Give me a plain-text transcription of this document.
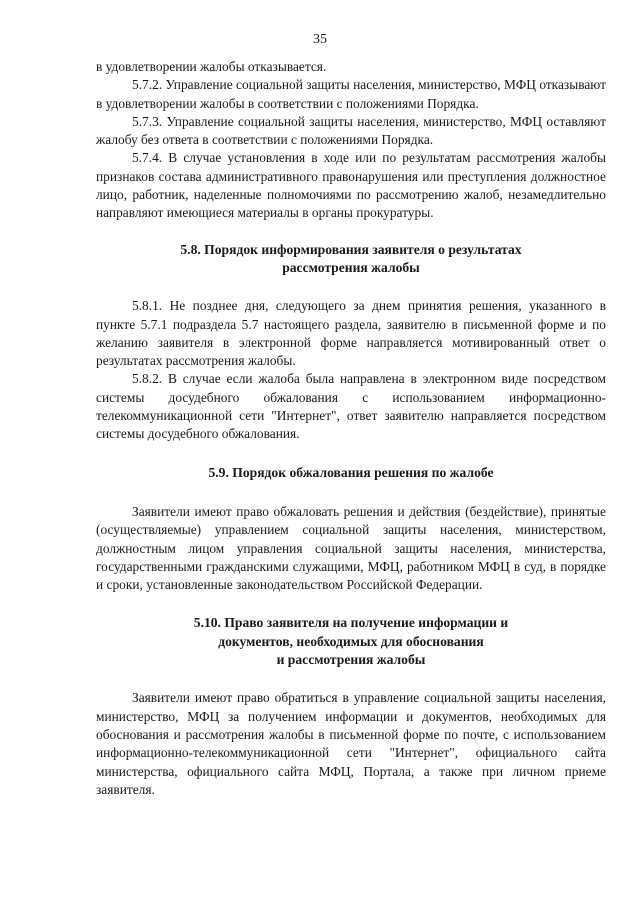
35

в удовлетворении жалобы отказывается.

5.7.2. Управление социальной защиты населения, министерство, МФЦ отказывают в удовлетворении жалобы в соответствии с положениями Порядка.

5.7.3. Управление социальной защиты населения, министерство, МФЦ оставляют жалобу без ответа в соответствии с положениями Порядка.

5.7.4. В случае установления в ходе или по результатам рассмотрения жалобы признаков состава административного правонарушения или преступления должностное лицо, работник, наделенные полномочиями по рассмотрению жалоб, незамедлительно направляют имеющиеся материалы в органы прокуратуры.

5.8. Порядок информирования заявителя о результатах
рассмотрения жалобы

5.8.1. Не позднее дня, следующего за днем принятия решения, указанного в пункте 5.7.1 подраздела 5.7 настоящего раздела, заявителю в письменной форме и по желанию заявителя в электронной форме направляется мотивированный ответ о результатах рассмотрения жалобы.

5.8.2. В случае если жалоба была направлена в электронном виде посредством системы досудебного обжалования с использованием информационно-телекоммуникационной сети "Интернет", ответ заявителю направляется посредством системы досудебного обжалования.

5.9. Порядок обжалования решения по жалобе

Заявители имеют право обжаловать решения и действия (бездействие), принятые (осуществляемые) управлением социальной защиты населения, министерством, должностным лицом управления социальной защиты населения, министерства, государственными гражданскими служащими, МФЦ, работником МФЦ в суд, в порядке и сроки, установленные законодательством Российской Федерации.

5.10. Право заявителя на получение информации и
документов, необходимых для обоснования
и рассмотрения жалобы

Заявители имеют право обратиться в управление социальной защиты населения, министерство, МФЦ за получением информации и документов, необходимых для обоснования и рассмотрения жалобы в письменной форме по почте, с использованием информационно-телекоммуникационной сети "Интернет", официального сайта министерства, официального сайта МФЦ, Портала, а также при личном приеме заявителя.
